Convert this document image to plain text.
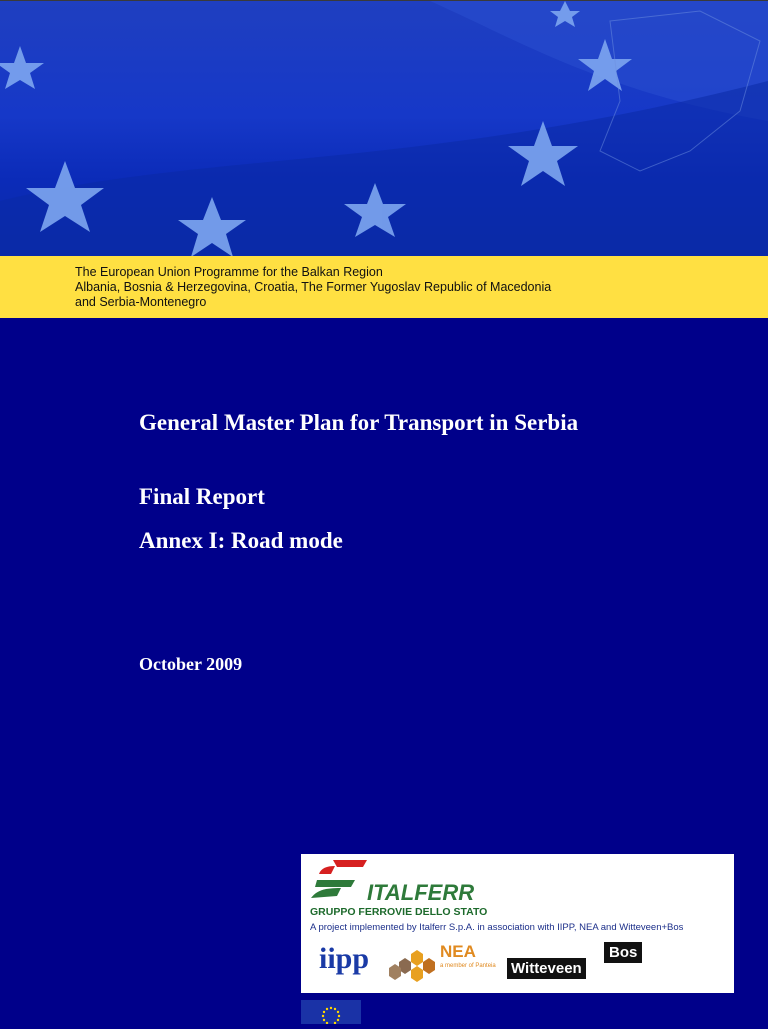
The European Union Programme for the Balkan Region
Albania, Bosnia & Herzegovina, Croatia, The Former Yugoslav Republic of Macedonia
and Serbia-Montenegro
General Master Plan for Transport in Serbia
Final Report
Annex I: Road mode
October 2009
ITALFERR
GRUPPO FERROVIE DELLO STATO
A project implemented by Italferr S.p.A. in association with IIPP, NEA and Witteveen+Bos
iipp	NEA
a member of Panteia Witteveen
Bos
